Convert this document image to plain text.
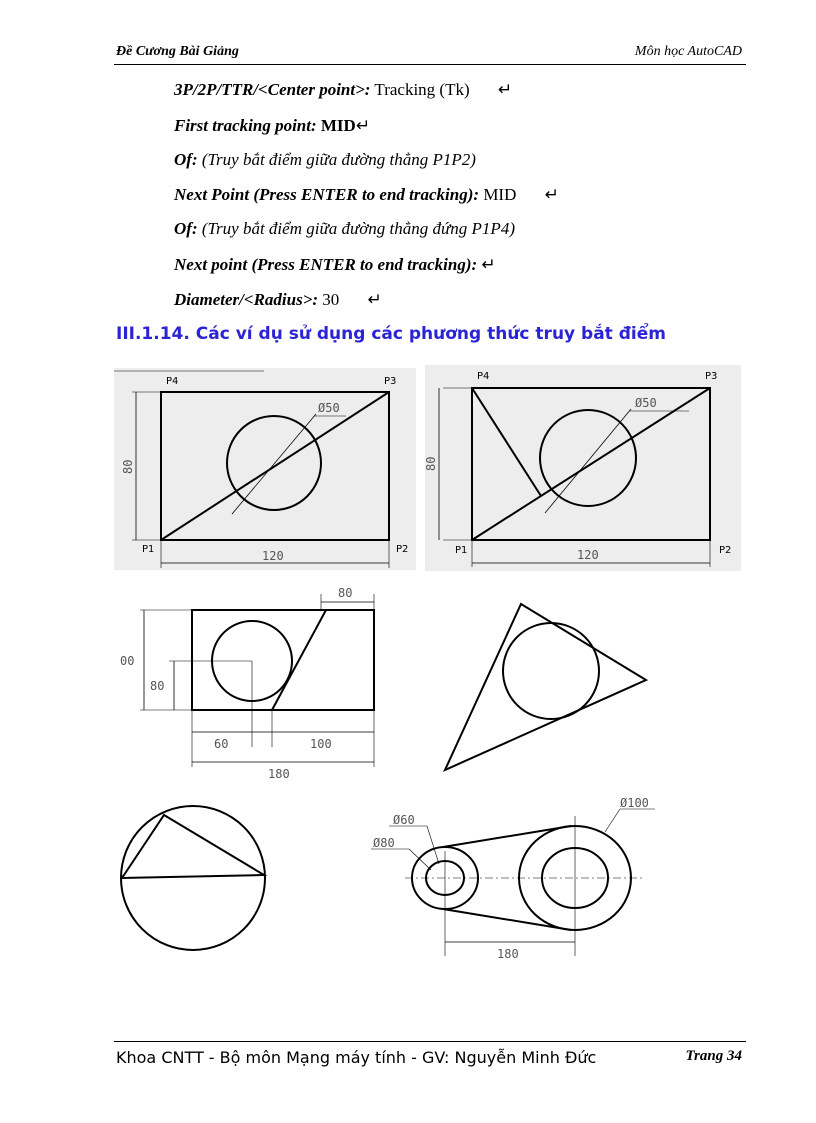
Đề Cương Bài Giảng	Môn học AutoCAD
3P/2P/TTR/<Center point>: Tracking (Tk) ↵
First tracking point: MID↵
Of: (Truy bắt điểm giữa đường thẳng P1P2)
Next Point (Press ENTER to end tracking): MID ↵
Of: (Truy bắt điểm giữa đường thẳng đứng P1P4)
Next point (Press ENTER to end tracking): ↵
Diameter/<Radius>: 30 ↵
III.1.14. Các ví dụ sử dụng các phương thức truy bắt điểm
P4	P3
P1	P2
Ø50
80
120
P4	P3
P1	P2
Ø50
80
120
80
00
80
60	100
180
Ø60
Ø80
Ø100
180
Khoa CNTT - Bộ môn Mạng máy tính - GV: Nguyễn Minh Đức	Trang 34
